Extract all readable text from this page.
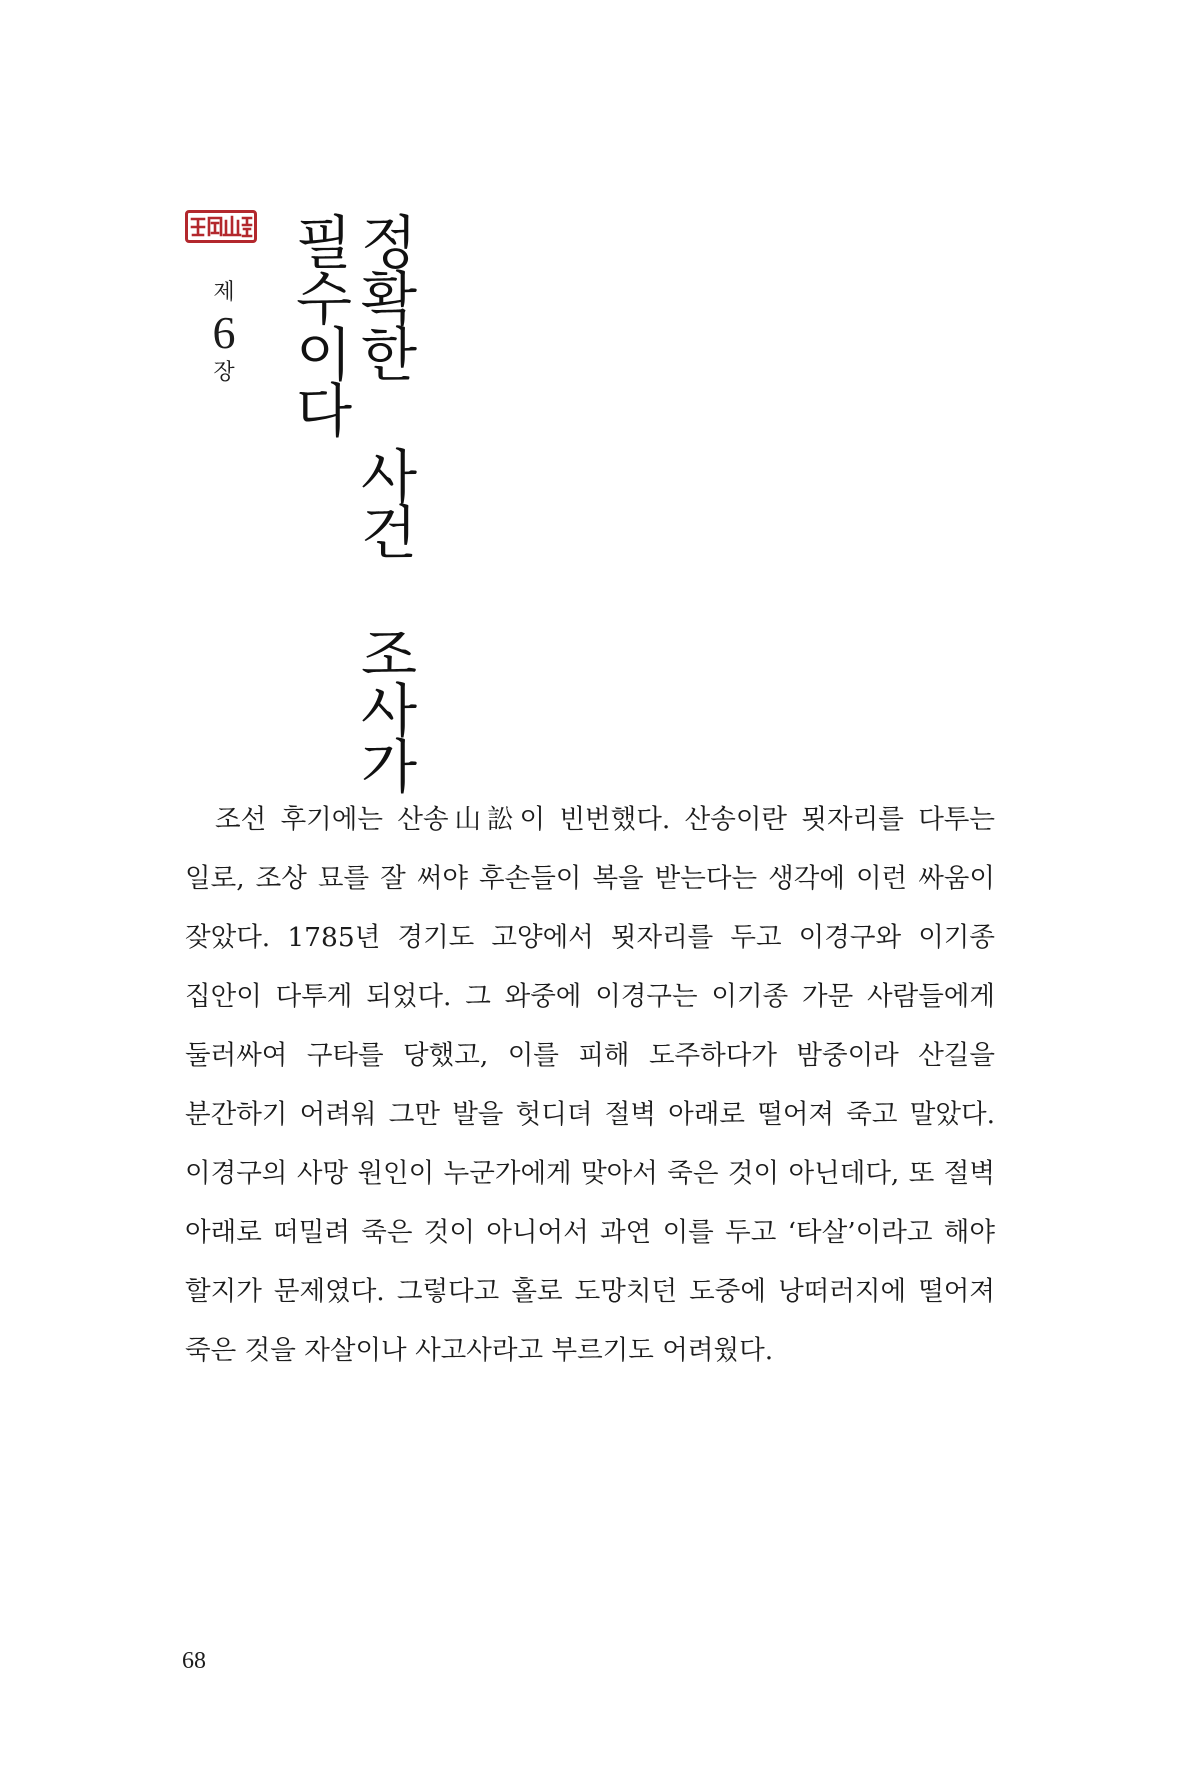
제
6
장 정확한 사건 조사가
필수이다

조선 후기에는 산송山訟이 빈번했다. 산송이란 묏자리를 다투는 일로, 조상 묘를 잘 써야 후손들이 복을 받는다는 생각에 이런 싸움이 잦았다. 1785년 경기도 고양에서 묏자리를 두고 이경구와 이기종 집안이 다투게 되었다. 그 와중에 이경구는 이기종 가문 사람들에게 둘러싸여 구타를 당했고, 이를 피해 도주하다가 밤중이라 산길을 분간하기 어려워 그만 발을 헛디뎌 절벽 아래로 떨어져 죽고 말았다. 이경구의 사망 원인이 누군가에게 맞아서 죽은 것이 아닌데다, 또 절벽 아래로 떠밀려 죽은 것이 아니어서 과연 이를 두고 ‘타살’이라고 해야 할지가 문제였다. 그렇다고 홀로 도망치던 도중에 낭떠러지에 떨어져 죽은 것을 자살이나 사고사라고 부르기도 어려웠다.

68
